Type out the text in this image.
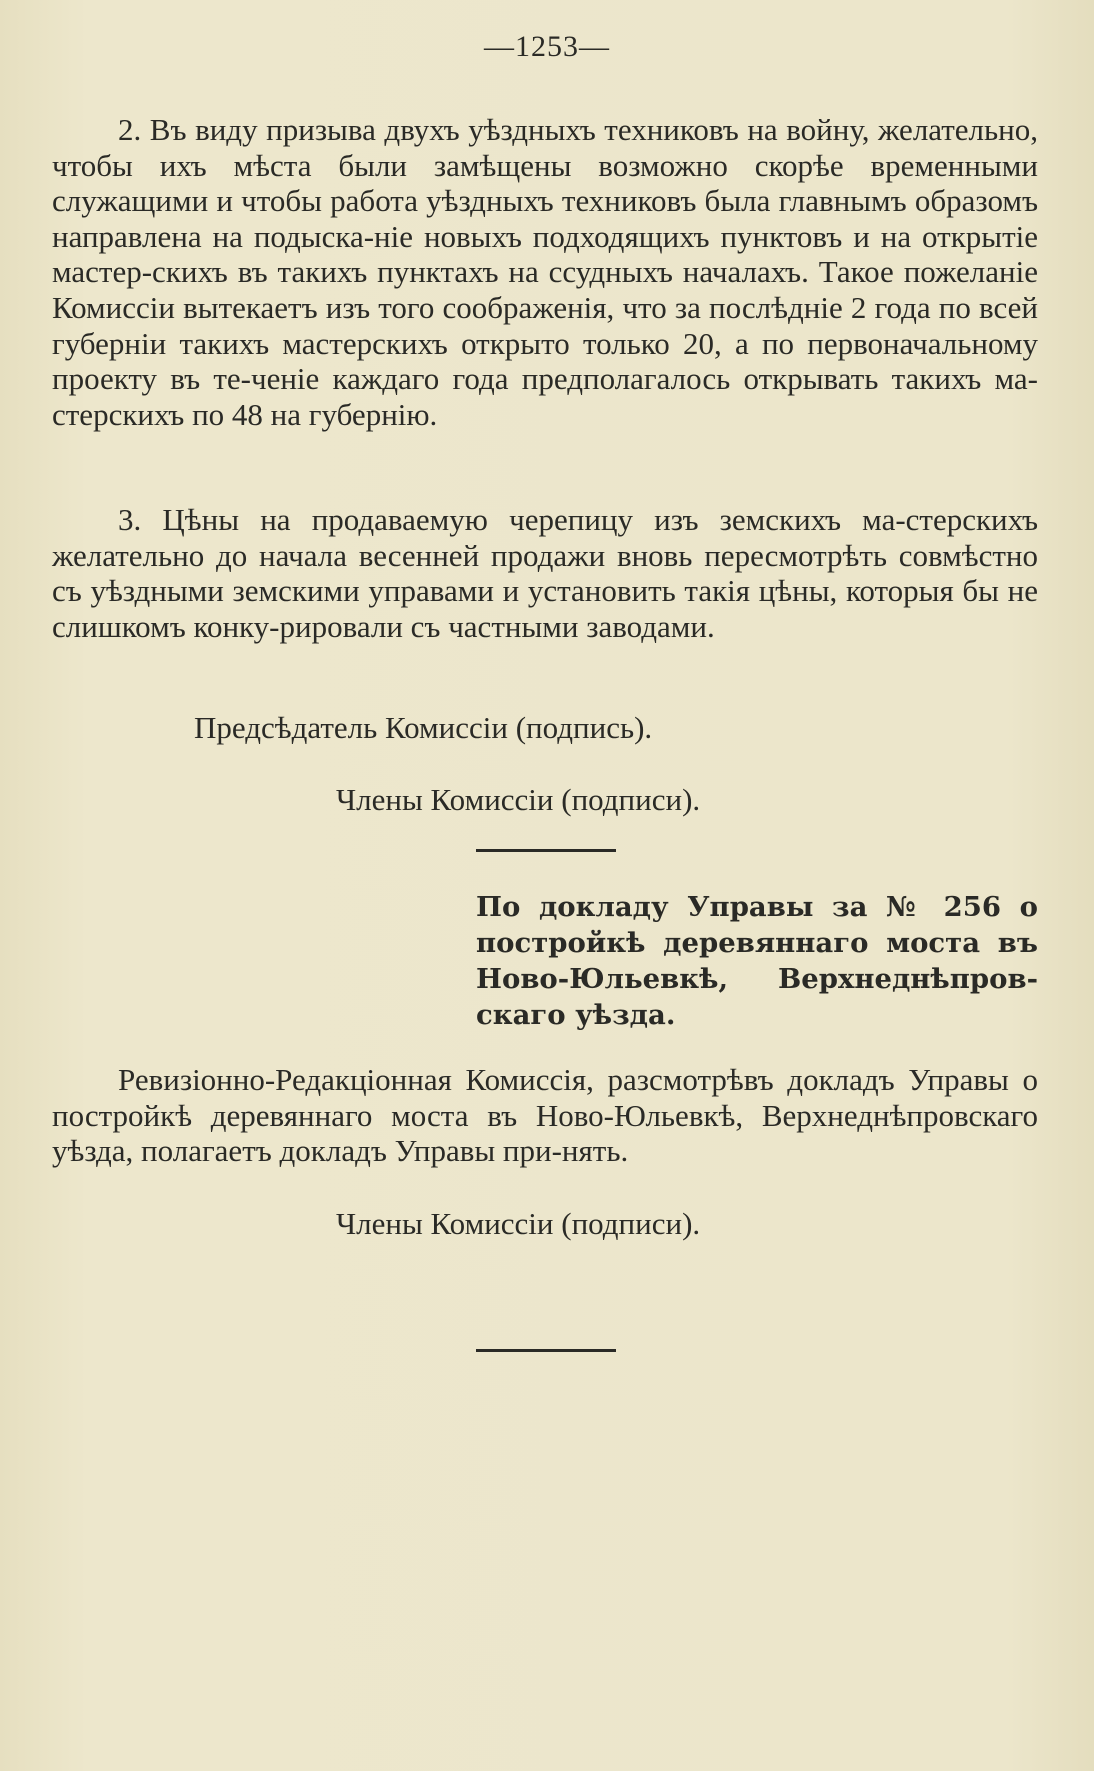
—1253—
2. Въ виду призыва двухъ уѣздныхъ техниковъ на войну, желательно, чтобы ихъ мѣста были замѣщены возможно скорѣе временными служащими и чтобы работа уѣздныхъ техниковъ была главнымъ образомъ направлена на подыска-ніе новыхъ подходящихъ пунктовъ и на открытіе мастер-скихъ въ такихъ пунктахъ на ссудныхъ началахъ. Такое пожеланіе Комиссіи вытекаетъ изъ того соображенія, что за послѣдніе 2 года по всей губерніи такихъ мастерскихъ открыто только 20, а по первоначальному проекту въ те-ченіе каждаго года предполагалось открывать такихъ ма-стерскихъ по 48 на губернію.
3. Цѣны на продаваемую черепицу изъ земскихъ ма-стерскихъ желательно до начала весенней продажи вновь пересмотрѣть совмѣстно съ уѣздными земскими управами и установить такія цѣны, которыя бы не слишкомъ конку-рировали съ частными заводами.
Предсѣдатель Комиссіи (подпись).
Члены Комиссіи (подписи).
По докладу Управы за № 256 о постройкѣ деревяннаго моста въ Ново-Юльевкѣ, Верхнеднѣпров-скаго уѣзда.
Ревизіонно-Редакціонная Комиссія, разсмотрѣвъ докладъ Управы о постройкѣ деревяннаго моста въ Ново-Юльевкѣ, Верхнеднѣпровскаго уѣзда, полагаетъ докладъ Управы при-нять.
Члены Комиссіи (подписи).
